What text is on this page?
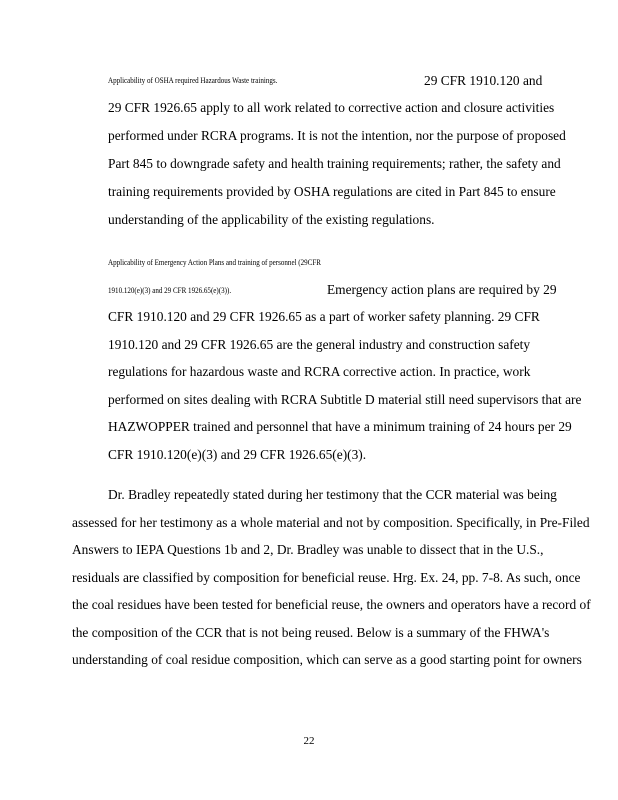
Applicability of OSHA required Hazardous Waste trainings.	29 CFR 1910.120 and
29 CFR 1926.65 apply to all work related to corrective action and closure activities
performed under RCRA programs. It is not the intention, nor the purpose of proposed
Part 845 to downgrade safety and health training requirements; rather, the safety and
training requirements provided by OSHA regulations are cited in Part 845 to ensure
understanding of the applicability of the existing regulations.
Applicability of Emergency Action Plans and training of personnel (29CFR
1910.120(e)(3) and 29 CFR 1926.65(e)(3)).	Emergency action plans are required by 29
CFR 1910.120 and 29 CFR 1926.65 as a part of worker safety planning. 29 CFR
1910.120 and 29 CFR 1926.65 are the general industry and construction safety
regulations for hazardous waste and RCRA corrective action. In practice, work
performed on sites dealing with RCRA Subtitle D material still need supervisors that are
HAZWOPPER trained and personnel that have a minimum training of 24 hours per 29
CFR 1910.120(e)(3) and 29 CFR 1926.65(e)(3).
Dr. Bradley repeatedly stated during her testimony that the CCR material was being
assessed for her testimony as a whole material and not by composition. Specifically, in Pre-Filed
Answers to IEPA Questions 1b and 2, Dr. Bradley was unable to dissect that in the U.S.,
residuals are classified by composition for beneficial reuse. Hrg. Ex. 24, pp. 7-8. As such, once
the coal residues have been tested for beneficial reuse, the owners and operators have a record of
the composition of the CCR that is not being reused. Below is a summary of the FHWA's
understanding of coal residue composition, which can serve as a good starting point for owners
22
